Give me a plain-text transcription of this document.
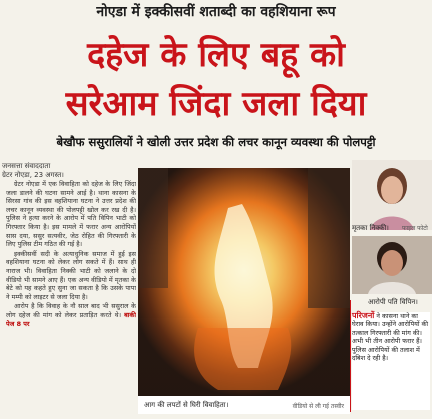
नोएडा में इक्कीसवीं शताब्दी का वहशियाना रूप
दहेज के लिए बहू को
सरेआम जिंदा जला दिया
बेखौफ ससुरालियों ने खोली उत्तर प्रदेश की लचर कानून व्यवस्था की पोलपट्टी
जनसत्ता संवाददाता
ग्रेटर नोएडा, 23 अगस्त।

ग्रेटर नोएडा में एक विवाहिता को दहेज के लिए जिंदा जला डालने की घटना सामने आई है। थाना कासना के सिरसा गांव की इस वहशियाना घटना ने उत्तर प्रदेश की लचर कानून व्यवस्था की पोलपट्टी खोल कर रख दी है। पुलिस ने हत्या करने के आरोप में पति विपिन भाटी को गिरफ्तार किया है। इस मामले में फरार अन्य आरोपियों सास दया, ससुर सत्यवीर, जेठ रोहित की गिरफ्तारी के लिए पुलिस टीम गठित की गई है।

इक्कीसवीं सदी के अत्याधुनिक समाज में हुई इस वहशियाना घटना को लेकर लोग सकते में हैं। साथ ही नाराज भी। विवाहिता निक्की भाटी को जलाने के दो वीडियो भी सामने आए हैं। एक अन्य वीडियो में मृतका के बेटे को यह कहते हुए सुना जा सकता है कि उसके पापा ने मम्मी को लाइटर से जला दिया है।

आरोप है कि विवाह के नौ साल बाद भी ससुराल के लोग दहेज की मांग को लेकर प्रताड़ित करते थे। बाकी पेज 8 पर

आग की लपटों से घिरी विवाहिता।	वीडियो से ली गई तस्वीर
मृतका निक्की। फाइल फोटो
आरोपी पति विपिन।
परिजनों ने कासना थाने का घेराव किया। उन्होंने आरोपियों की तत्काल गिरफ्तारी की मांग की। अभी भी तीन आरोपी फरार हैं। पुलिस आरोपियों की तलाश में दबिश दे रही है।
